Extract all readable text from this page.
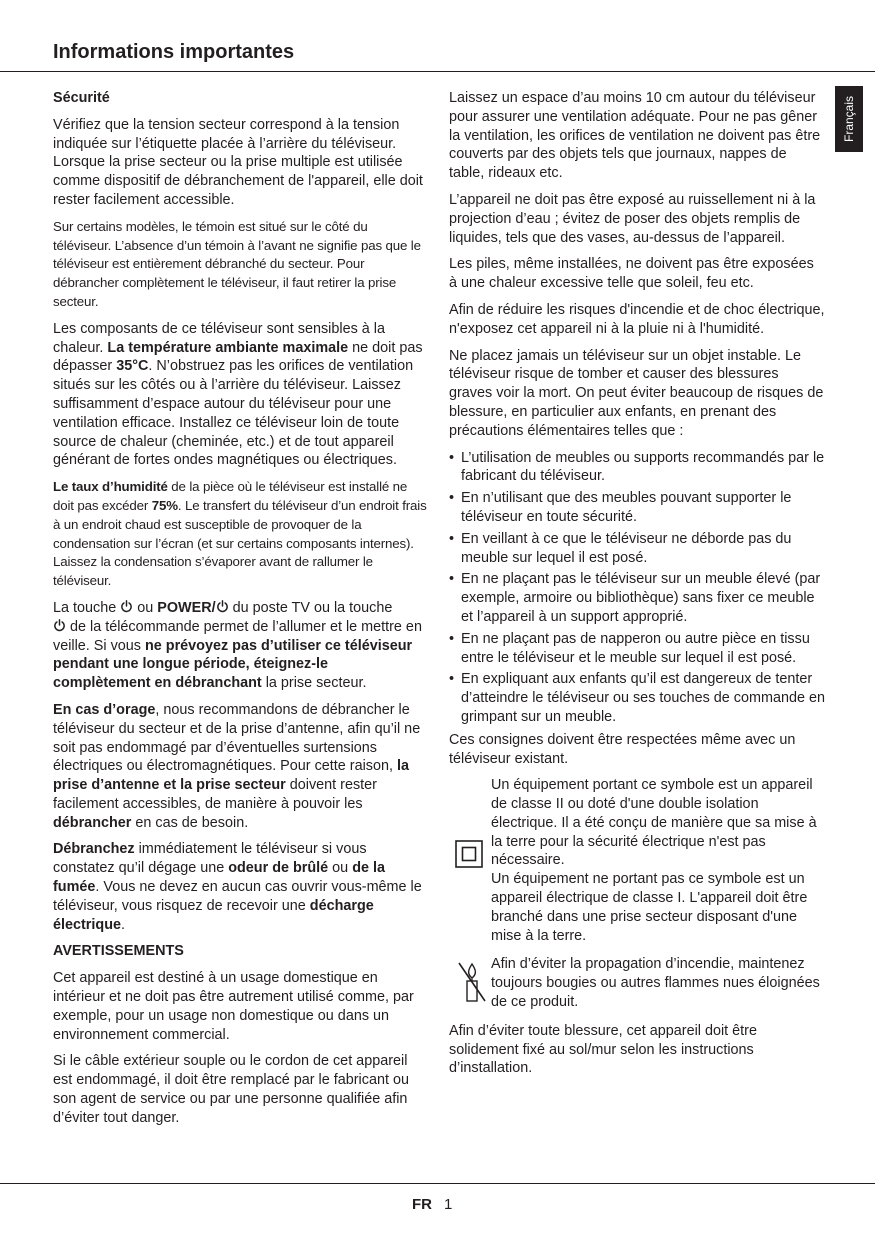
Informations importantes
Français
Sécurité

Vérifiez que la tension secteur correspond à la tension indiquée sur l’étiquette placée à l’arrière du téléviseur. Lorsque la prise secteur ou la prise multiple est utilisée comme dispositif de débranchement de l'appareil, elle doit rester facilement accessible.

Sur certains modèles, le témoin est situé sur le côté du téléviseur. L’absence d’un témoin à l’avant ne signifie pas que le téléviseur est entièrement débranché du secteur. Pour débrancher complètement le téléviseur, il faut retirer la prise secteur.

Les composants de ce téléviseur sont sensibles à la chaleur. La température ambiante maximale ne doit pas dépasser 35°C. N’obstruez pas les orifices de ventilation situés sur les côtés ou à l’arrière du téléviseur. Laissez suffisamment d’espace autour du téléviseur pour une ventilation efficace. Installez ce téléviseur loin de toute source de chaleur (cheminée, etc.) et de tout appareil générant de fortes ondes magnétiques ou électriques.

Le taux d’humidité de la pièce où le téléviseur est installé ne doit pas excéder 75%. Le transfert du téléviseur d’un endroit frais à un endroit chaud est susceptible de provoquer de la condensation sur l’écran (et sur certains composants internes). Laissez la condensation s’évaporer avant de rallumer le téléviseur.

La touche  ou POWER/ du poste TV ou la touche
de la télécommande permet de l’allumer et le mettre en veille. Si vous ne prévoyez pas d’utiliser ce téléviseur pendant une longue période, éteignez-le complètement en débranchant la prise secteur.

En cas d’orage, nous recommandons de débrancher le téléviseur du secteur et de la prise d’antenne, afin qu’il ne soit pas endommagé par d’éventuelles surtensions électriques ou électromagnétiques. Pour cette raison, la prise d’antenne et la prise secteur doivent rester facilement accessibles, de manière à pouvoir les débrancher en cas de besoin.

Débranchez immédiatement le téléviseur si vous constatez qu’il dégage une odeur de brûlé ou de la fumée. Vous ne devez en aucun cas ouvrir vous-même le téléviseur, vous risquez de recevoir une décharge électrique.

AVERTISSEMENTS

Cet appareil est destiné à un usage domestique en intérieur et ne doit pas être autrement utilisé comme, par exemple, pour un usage non domestique ou dans un environnement commercial.

Si le câble extérieur souple ou le cordon de cet appareil est endommagé, il doit être remplacé par le fabricant ou son agent de service ou par une personne qualifiée afin d’éviter tout danger.

Laissez un espace d’au moins 10 cm autour du téléviseur pour assurer une ventilation adéquate. Pour ne pas gêner la ventilation, les orifices de ventilation ne doivent pas être couverts par des objets tels que journaux, nappes de table, rideaux etc.

L’appareil ne doit pas être exposé au ruissellement ni à la projection d’eau ; évitez de poser des objets remplis de liquides, tels que des vases, au-dessus de l’appareil.

Les piles, même installées, ne doivent pas être exposées à une chaleur excessive telle que soleil, feu etc.

Afin de réduire les risques d'incendie et de choc électrique, n'exposez cet appareil ni à la pluie ni à l'humidité.

Ne placez jamais un téléviseur sur un objet instable. Le téléviseur risque de tomber et causer des blessures graves voir la mort. On peut éviter beaucoup de risques de blessure, en particulier aux enfants, en prenant des précautions élémentaires telles que :

• L’utilisation de meubles ou supports recommandés par le fabricant du téléviseur.
• En n’utilisant que des meubles pouvant supporter le téléviseur en toute sécurité.
• En veillant à ce que le téléviseur ne déborde pas du meuble sur lequel il est posé.
• En ne plaçant pas le téléviseur sur un meuble élevé (par exemple, armoire ou bibliothèque) sans fixer ce meuble et l’appareil à un support approprié.
• En ne plaçant pas de napperon ou autre pièce en tissu entre le téléviseur et le meuble sur lequel il est posé.
• En expliquant aux enfants qu’il est dangereux de tenter d’atteindre le téléviseur ou ses touches de commande en grimpant sur un meuble.

Ces consignes doivent être respectées même avec un téléviseur existant.

Un équipement portant ce symbole est un appareil de classe II ou doté d'une double isolation électrique. Il a été conçu de manière que sa mise à la terre pour la sécurité électrique n'est pas nécessaire.

Un équipement ne portant pas ce symbole est un appareil électrique de classe I. L'appareil doit être branché dans une prise secteur disposant d'une mise à la terre.

Afin d’éviter la propagation d’incendie, maintenez toujours bougies ou autres flammes nues éloignées de ce produit.

Afin d’éviter toute blessure, cet appareil doit être solidement fixé au sol/mur selon les instructions d’installation.

FR 1
